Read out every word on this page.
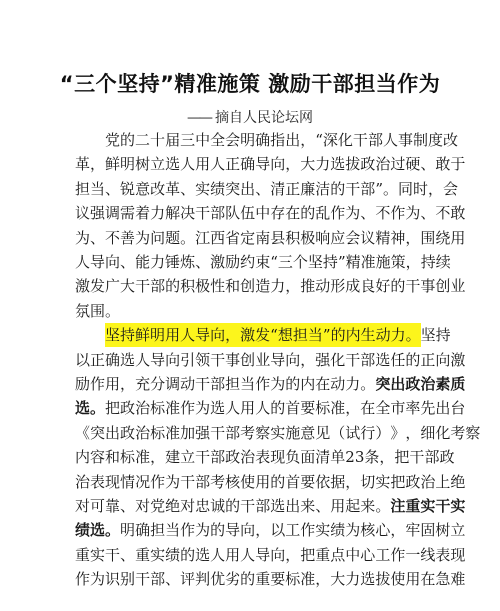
“三个坚持”精准施策 激励干部担当作为
—— 摘自人民论坛网
党 的 二 十 届 三 中 全 会 明 确 指 出 ， “ 深 化 干 部 人 事 制 度 改
革 ， 鲜 明 树 立 选 人 用 人 正 确 导 向 ， 大 力 选 拔 政 治 过 硬 、 敢 于
担 当 、 锐 意 改 革 、 实 绩 突 出 、 清 正 廉 洁 的 干 部 ” 。 同 时 ， 会
议 强 调 需 着 力 解 决 干 部 队 伍 中 存 在 的 乱 作 为 、 不 作 为 、 不 敢
为 、 不 善 为 问 题 。 江 西 省 定 南 县 积 极 响 应 会 议 精 神 ， 围 绕 用
人 导 向 、 能 力 锤 炼 、 激 励 约 束 “ 三 个 坚 持 ” 精 准 施 策 ， 持 续
激 发 广 大 干 部 的 积 极 性 和 创 造 力 ， 推 动 形 成 良 好 的 干 事 创 业
氛 围 。
坚 持 鲜 明 用 人 导 向 ， 激 发 “ 想 担 当 ” 的 内 生 动 力 。 坚 持
以 正 确 选 人 导 向 引 领 干 事 创 业 导 向 ， 强 化 干 部 选 任 的 正 向 激
励 作 用 ， 充 分 调 动 干 部 担 当 作 为 的 内 在 动 力 。 突 出 政 治 素 质
选 。 把 政 治 标 准 作 为 选 人 用 人 的 首 要 标 准 ， 在 全 市 率 先 出 台
《 突 出 政 治 标 准 加 强 干 部 考 察 实 施 意 见 （ 试 行 ） 》 ， 细 化 考 察
内 容 和 标 准 ， 建 立 干 部 政 治 表 现 负 面 清 单 2 3 条 ， 把 干 部 政
治 表 现 情 况 作 为 干 部 考 核 使 用 的 首 要 依 据 ， 切 实 把 政 治 上 绝
对 可 靠 、 对 党 绝 对 忠 诚 的 干 部 选 出 来 、 用 起 来 。 注 重 实 干 实
绩 选 。 明 确 担 当 作 为 的 导 向 ， 以 工 作 实 绩 为 核 心 ， 牢 固 树 立
重 实 干 、 重 实 绩 的 选 人 用 人 导 向 ， 把 重 点 中 心 工 作 一 线 表 现
作 为 识 别 干 部 、 评 判 优 劣 的 重 要 标 准 ， 大 力 选 拔 使 用 在 急 难
